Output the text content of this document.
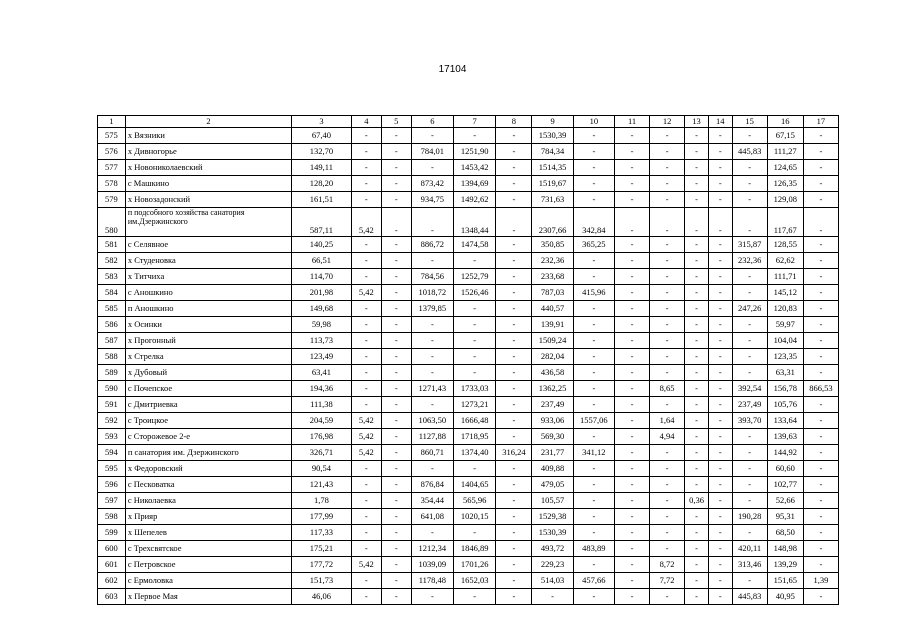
17104
1	2	3	4	5	6	7	8	9	10	11	12	13	14	15	16	17
575	х Вязники	67,40	-	-	-	-	-	1530,39	-	-	-	-	-	-	67,15	-
576	х Дивногорье	132,70	-	-	784,01	1251,90	-	784,34	-	-	-	-	-	445,83	111,27	-
577	х Новониколаевский	149,11	-	-	-	1453,42	-	1514,35	-	-	-	-	-	-	124,65	-
578	с Машкино	128,20	-	-	873,42	1394,69	-	1519,67	-	-	-	-	-	-	126,35	-
579	х Новозадонский	161,51	-	-	934,75	1492,62	-	731,63	-	-	-	-	-	-	129,08	-
580	п подсобного хозяйства санатория им.Дзержинского	587,11	5,42	-	-	1348,44	-	2307,66	342,84	-	-	-	-	-	117,67	-
581	с Селявное	140,25	-	-	886,72	1474,58	-	350,85	365,25	-	-	-	-	315,87	128,55	-
582	х Студеновка	66,51	-	-	-	-	-	232,36	-	-	-	-	-	232,36	62,62	-
583	х Титчиха	114,70	-	-	784,56	1252,79	-	233,68	-	-	-	-	-	-	111,71	-
584	с Аношкино	201,98	5,42	-	1018,72	1526,46	-	787,03	415,96	-	-	-	-	-	145,12	-
585	п Аношкино	149,68	-	-	1379,85	-	-	440,57	-	-	-	-	-	247,26	120,83	-
586	х Осинки	59,98	-	-	-	-	-	139,91	-	-	-	-	-	-	59,97	-
587	х Прогонный	113,73	-	-	-	-	-	1509,24	-	-	-	-	-	-	104,04	-
588	х Стрелка	123,49	-	-	-	-	-	282,04	-	-	-	-	-	-	123,35	-
589	х Дубовый	63,41	-	-	-	-	-	436,58	-	-	-	-	-	-	63,31	-
590	с Почепское	194,36	-	-	1271,43	1733,03	-	1362,25	-	-	8,65	-	-	392,54	156,78	866,53
591	с Дмитриевка	111,38	-	-	-	1273,21	-	237,49	-	-	-	-	-	237,49	105,76	-
592	с Троицкое	204,59	5,42	-	1063,50	1666,48	-	933,06	1557,06	-	1,64	-	-	393,70	133,64	-
593	с Сторожевое 2-е	176,98	5,42	-	1127,88	1718,95	-	569,30	-	-	4,94	-	-	-	139,63	-
594	п санатория им. Дзержинского	326,71	5,42	-	860,71	1374,40	316,24	231,77	341,12	-	-	-	-	-	144,92	-
595	х Федоровский	90,54	-	-	-	-	-	409,88	-	-	-	-	-	-	60,60	-
596	с Песковатка	121,43	-	-	876,84	1404,65	-	479,05	-	-	-	-	-	-	102,77	-
597	с Николаевка	1,78	-	-	354,44	565,96	-	105,57	-	-	-	0,36	-	-	52,66	-
598	х Прияр	177,99	-	-	641,08	1020,15	-	1529,38	-	-	-	-	-	190,28	95,31	-
599	х Шепелев	117,33	-	-	-	-	-	1530,39	-	-	-	-	-	-	68,50	-
600	с Трехсвятское	175,21	-	-	1212,34	1846,89	-	493,72	483,89	-	-	-	-	420,11	148,98	-
601	с Петровское	177,72	5,42	-	1039,09	1701,26	-	229,23	-	-	8,72	-	-	313,46	139,29	-
602	с Ермоловка	151,73	-	-	1178,48	1652,03	-	514,03	457,66	-	7,72	-	-	-	151,65	1,39
603	х Первое Мая	46,06	-	-	-	-	-	-	-	-	-	-	-	445,83	40,95	-
